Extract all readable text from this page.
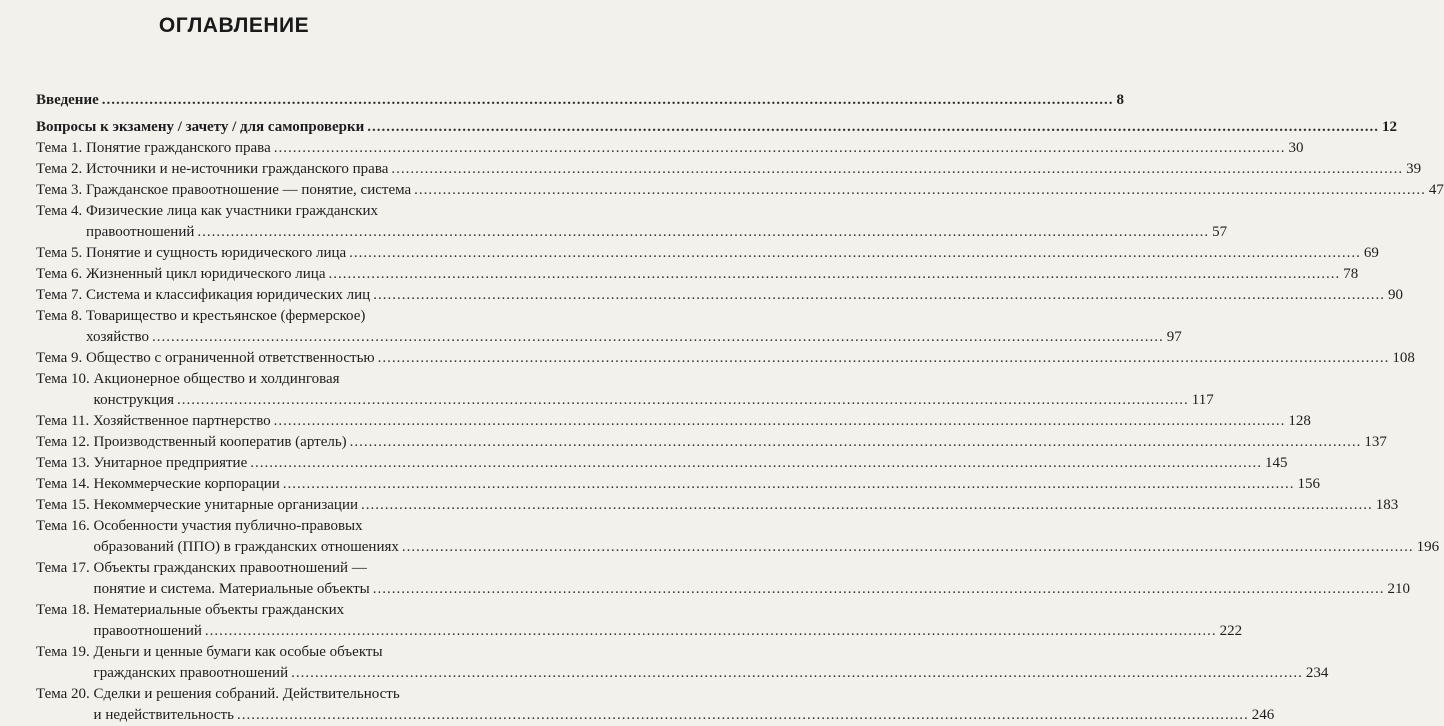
ОГЛАВЛЕНИЕ
Введение .....	8
Вопросы к экзамену / зачету / для самопроверки .....	12
Тема 1. Понятие гражданского права .....	30
Тема 2. Источники и не-источники гражданского права .....	39
Тема 3. Гражданское правоотношение — понятие, система .....	47
Тема 4. Физические лица как участники гражданских
правоотношений .....	57
Тема 5. Понятие и сущность юридического лица .....	69
Тема 6. Жизненный цикл юридического лица .....	78
Тема 7. Система и классификация юридических лиц .....	90
Тема 8. Товарищество и крестьянское (фермерское)
хозяйство .....	97
Тема 9. Общество с ограниченной ответственностью .....	108
Тема 10. Акционерное общество и холдинговая
конструкция .....	117
Тема 11. Хозяйственное партнерство .....	128
Тема 12. Производственный кооператив (артель) .....	137
Тема 13. Унитарное предприятие .....	145
Тема 14. Некоммерческие корпорации .....	156
Тема 15. Некоммерческие унитарные организации .....	183
Тема 16. Особенности участия публично-правовых
образований (ППО) в гражданских отношениях .....	196
Тема 17. Объекты гражданских правоотношений —
понятие и система. Материальные объекты .....	210
Тема 18. Нематериальные объекты гражданских
правоотношений .....	222
Тема 19. Деньги и ценные бумаги как особые объекты
гражданских правоотношений .....	234
Тема 20. Сделки и решения собраний. Действительность
и недействительность .....	246
